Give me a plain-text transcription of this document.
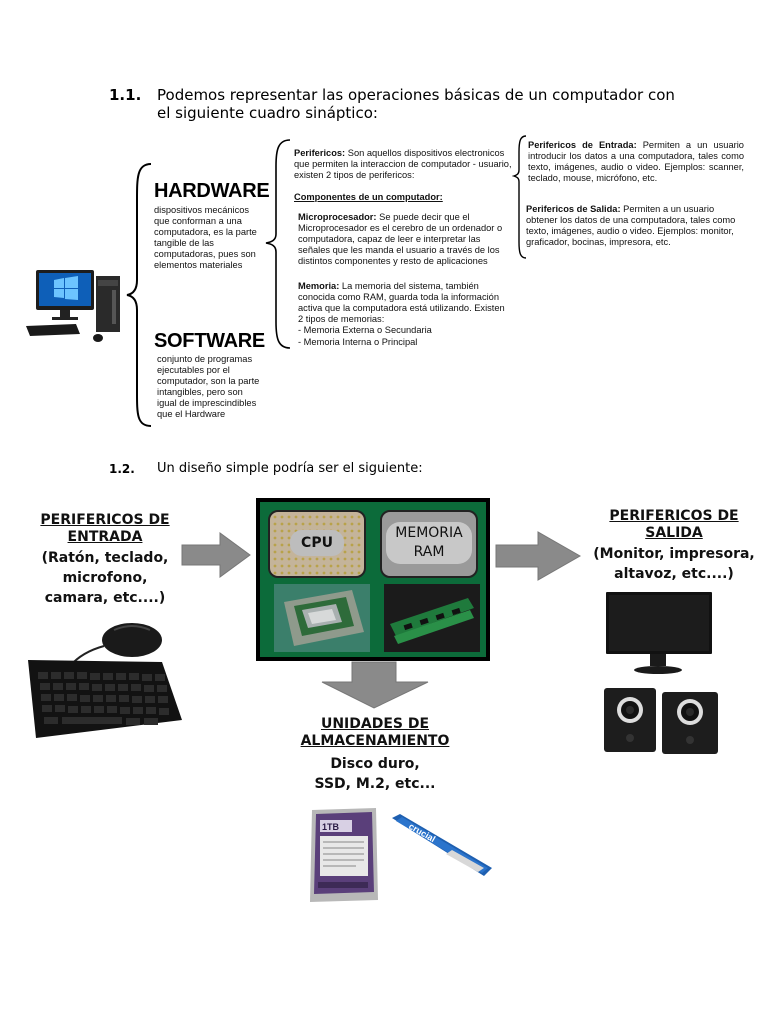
1.1. Podemos representar las operaciones básicas de un computador con el siguiente cuadro sináptico:
HARDWARE
dispositivos mecánicos que conforman a una computadora, es la parte tangible de las computadoras, pues son elementos materiales
SOFTWARE
conjunto de programas ejecutables por el computador, son la parte intangibles, pero son igual de imprescindibles que el Hardware
Perifericos: Son aquellos dispositivos electronicos que permiten la interaccion de computador - usuario, existen 2 tipos de perifericos:
Componentes de un computador:
Microprocesador: Se puede decir que el Microprocesador es el cerebro de un ordenador o computadora, capaz de leer e interpretar las señales que les manda el usuario a través de los distintos componentes y resto de aplicaciones
Memoria: La memoria del sistema, también conocida como RAM, guarda toda la información activa que la computadora está utilizando. Existen 2 tipos de memorias:
- Memoria Externa o Secundaria
- Memoria Interna o Principal
Perifericos de Entrada: Permiten a un usuario introducir los datos a una computadora, tales como texto, imágenes, audio o video. Ejemplos: scanner, teclado, mouse, micrófono, etc.
Perifericos de Salida: Permiten a un usuario obtener los datos de una computadora, tales como texto, imágenes, audio o video. Ejemplos: monitor, graficador, bocinas, impresora, etc.
1.2. Un diseño simple podría ser el siguiente:
PERIFERICOS DE
ENTRADA
(Ratón, teclado,
microfono,
camara, etc....)
CPU
MEMORIA
RAM
PERIFERICOS DE
SALIDA
(Monitor, impresora,
altavoz, etc....)
UNIDADES DE
ALMACENAMIENTO
Disco duro,
SSD, M.2, etc...
1TB	crucial
